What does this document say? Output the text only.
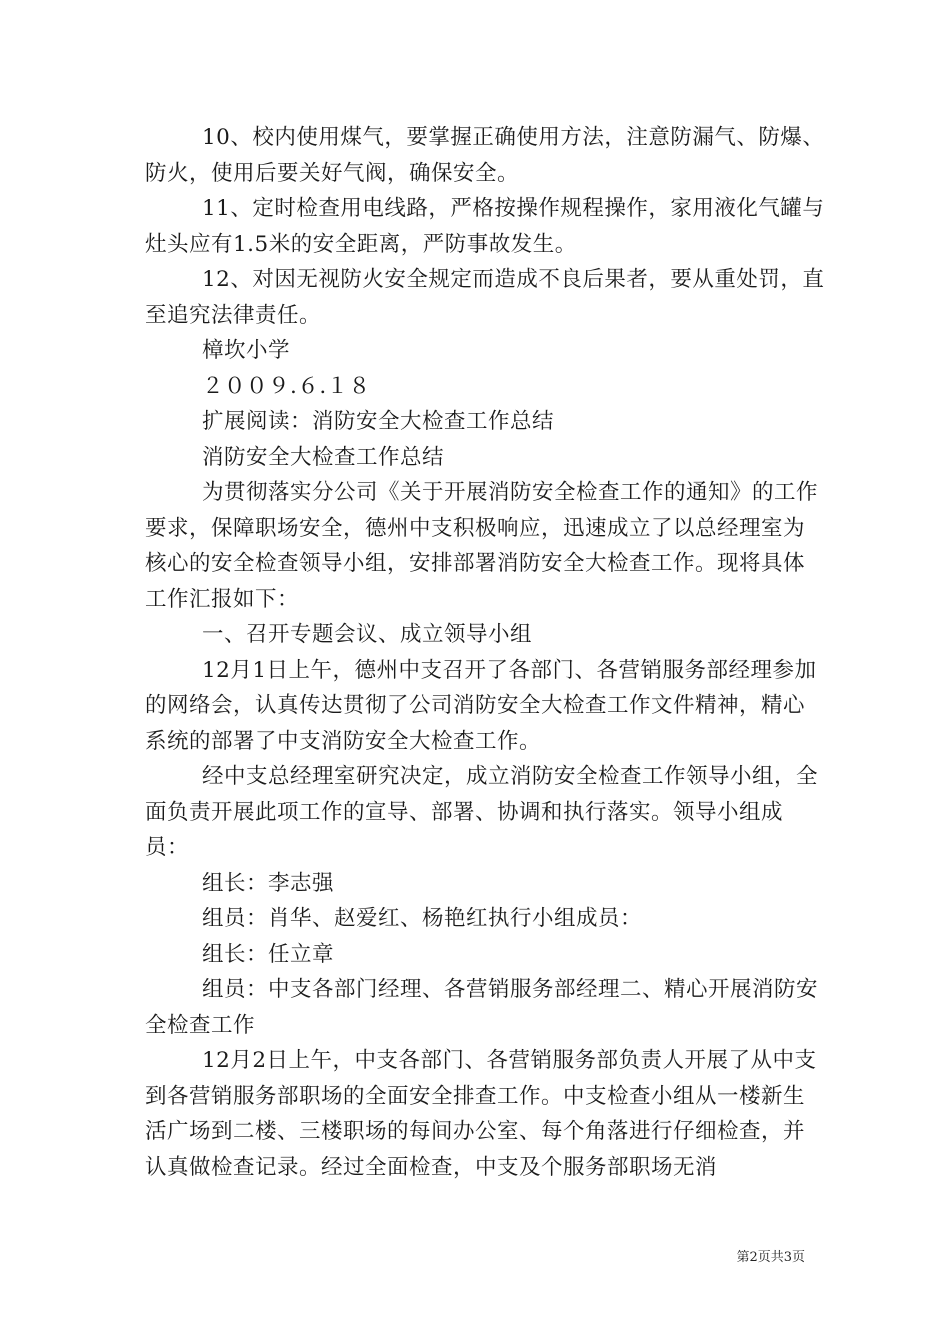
10、校内使用煤气，要掌握正确使用方法，注意防漏气、防爆、防火，使用后要关好气阀，确保安全。

11、定时检查用电线路，严格按操作规程操作，家用液化气罐与灶头应有1.5米的安全距离，严防事故发生。

12、对因无视防火安全规定而造成不良后果者，要从重处罚，直至追究法律责任。

樟坎小学

２００９.６.１８

扩展阅读：消防安全大检查工作总结

消防安全大检查工作总结

为贯彻落实分公司《关于开展消防安全检查工作的通知》的工作要求，保障职场安全，德州中支积极响应，迅速成立了以总经理室为核心的安全检查领导小组，安排部署消防安全大检查工作。现将具体工作汇报如下：

一、召开专题会议、成立领导小组

12月1日上午，德州中支召开了各部门、各营销服务部经理参加的网络会，认真传达贯彻了公司消防安全大检查工作文件精神，精心系统的部署了中支消防安全大检查工作。

经中支总经理室研究决定，成立消防安全检查工作领导小组，全面负责开展此项工作的宣导、部署、协调和执行落实。领导小组成员：

组长：李志强

组员：肖华、赵爱红、杨艳红执行小组成员：

组长：任立章

组员：中支各部门经理、各营销服务部经理二、精心开展消防安全检查工作

12月2日上午，中支各部门、各营销服务部负责人开展了从中支到各营销服务部职场的全面安全排查工作。中支检查小组从一楼新生活广场到二楼、三楼职场的每间办公室、每个角落进行仔细检查，并认真做检查记录。经过全面检查，中支及个服务部职场无消

第2页共3页
